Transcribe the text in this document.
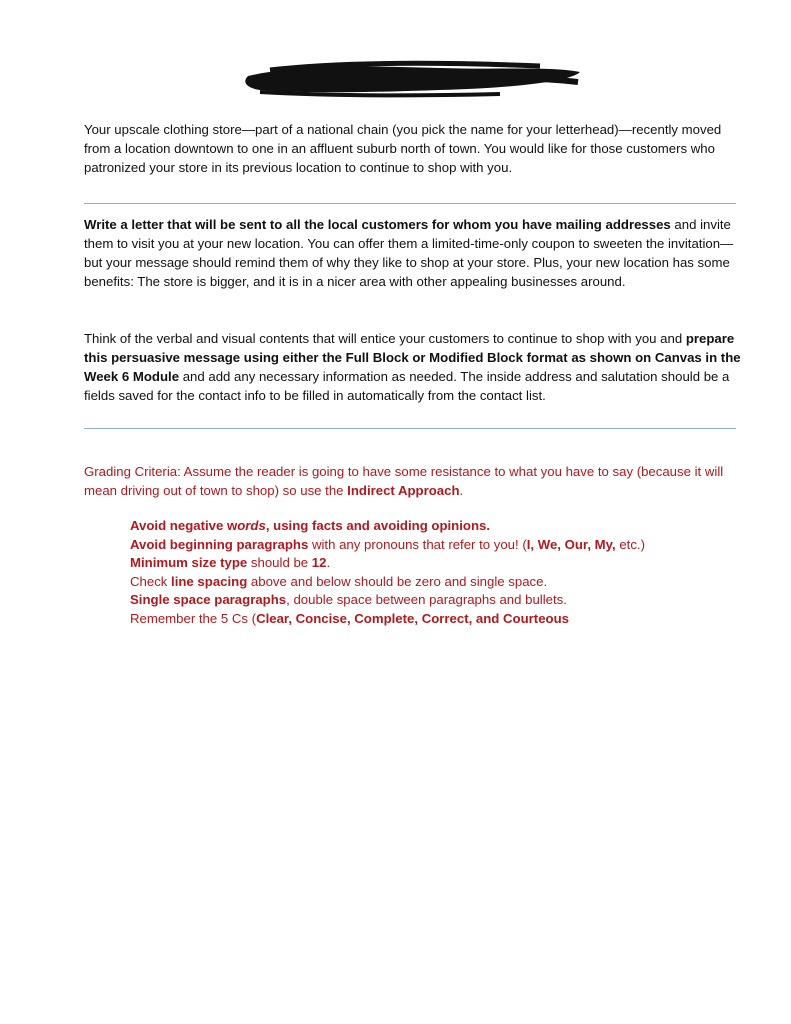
Your upscale clothing store—part of a national chain (you pick the name for your letterhead)—recently moved from a location downtown to one in an affluent suburb north of town. You would like for those customers who patronized your store in its previous location to continue to shop with you.

Write a letter that will be sent to all the local customers for whom you have mailing addresses and invite them to visit you at your new location. You can offer them a limited-time-only coupon to sweeten the invitation—but your message should remind them of why they like to shop at your store. Plus, your new location has some benefits: The store is bigger, and it is in a nicer area with other appealing businesses around.

Think of the verbal and visual contents that will entice your customers to continue to shop with you and prepare this persuasive message using either the Full Block or Modified Block format as shown on Canvas in the Week 6 Module and add any necessary information as needed. The inside address and salutation should be a fields saved for the contact info to be filled in automatically from the contact list.

Grading Criteria: Assume the reader is going to have some resistance to what you have to say (because it will mean driving out of town to shop) so use the Indirect Approach.

Avoid negative words, using facts and avoiding opinions.
Avoid beginning paragraphs with any pronouns that refer to you! (I, We, Our, My, etc.)
Minimum size type should be 12.
Check line spacing above and below should be zero and single space.
Single space paragraphs, double space between paragraphs and bullets.
Remember the 5 Cs (Clear, Concise, Complete, Correct, and Courteous
